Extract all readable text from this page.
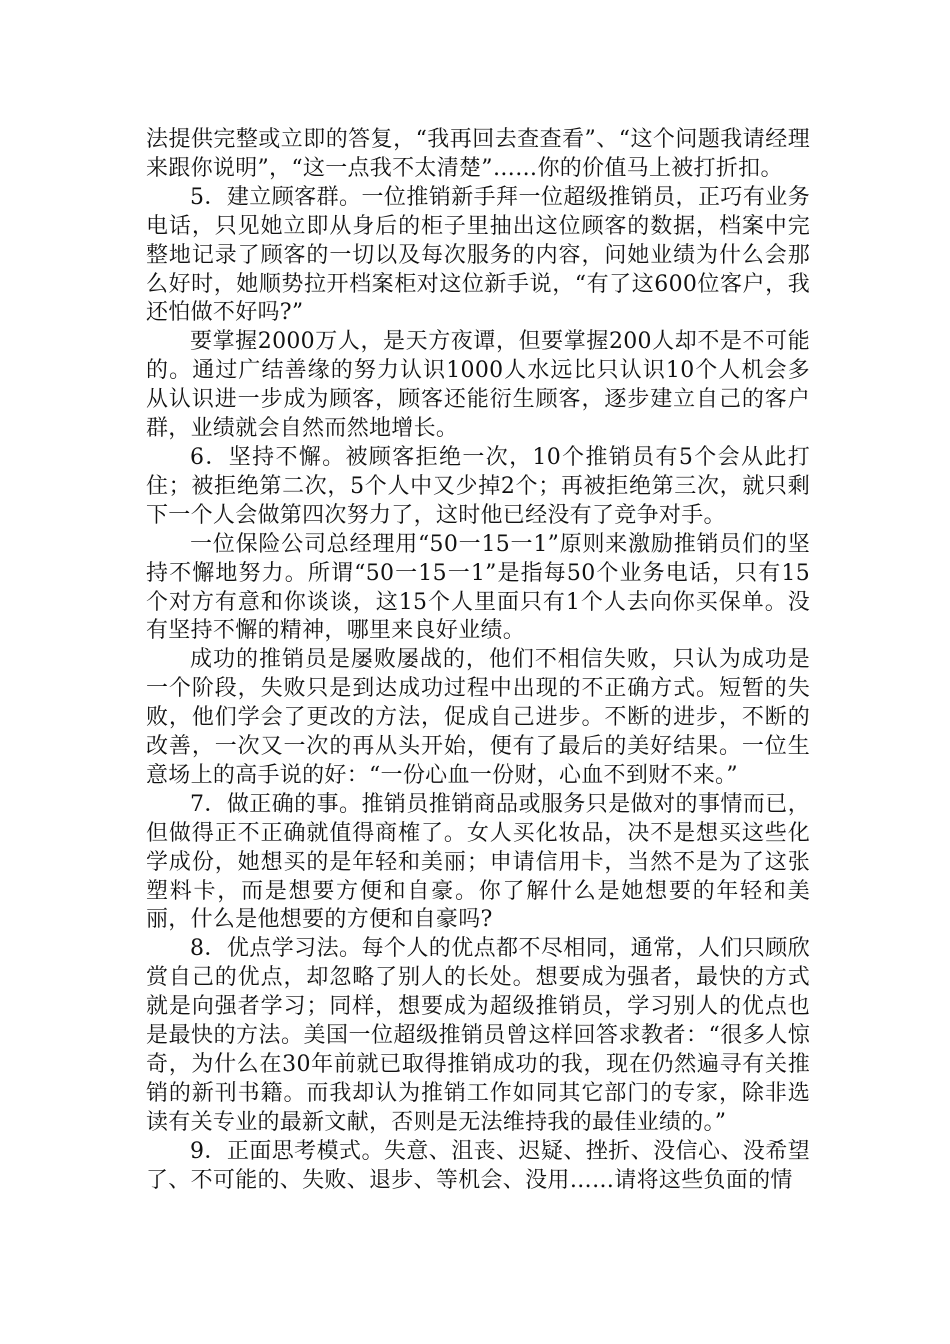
法提供完整或立即的答复，“我再回去查查看”、“这个问题我请经理来跟你说明”，“这一点我不太清楚”……你的价值马上被打折扣。

5．建立顾客群。一位推销新手拜一位超级推销员，正巧有业务电话，只见她立即从身后的柜子里抽出这位顾客的数据，档案中完整地记录了顾客的一切以及每次服务的内容，问她业绩为什么会那么好时，她顺势拉开档案柜对这位新手说，“有了这600位客户，我还怕做不好吗?”

要掌握2000万人，是天方夜谭，但要掌握200人却不是不可能的。通过广结善缘的努力认识1000人水远比只认识10个人机会多从认识进一步成为顾客，顾客还能衍生顾客，逐步建立自己的客户群，业绩就会自然而然地增长。

6．坚持不懈。被顾客拒绝一次，10个推销员有5个会从此打住；被拒绝第二次，5个人中又少掉2个；再被拒绝第三次，就只剩下一个人会做第四次努力了，这时他已经没有了竞争对手。

一位保险公司总经理用“50一15一1”原则来激励推销员们的坚持不懈地努力。所谓“50一15一1”是指每50个业务电话，只有15个对方有意和你谈谈，这15个人里面只有1个人去向你买保单。没有坚持不懈的精神，哪里来良好业绩。

成功的推销员是屡败屡战的，他们不相信失败，只认为成功是一个阶段，失败只是到达成功过程中出现的不正确方式。短暂的失败，他们学会了更改的方法，促成自己进步。不断的进步，不断的改善，一次又一次的再从头开始，便有了最后的美好结果。一位生意场上的高手说的好：“一份心血一份财，心血不到财不来。”

7．做正确的事。推销员推销商品或服务只是做对的事情而已，但做得正不正确就值得商榷了。女人买化妆品，决不是想买这些化学成份，她想买的是年轻和美丽；申请信用卡，当然不是为了这张塑料卡，而是想要方便和自豪。你了解什么是她想要的年轻和美丽，什么是他想要的方便和自豪吗?

8．优点学习法。每个人的优点都不尽相同，通常，人们只顾欣赏自己的优点，却忽略了别人的长处。想要成为强者，最快的方式就是向强者学习；同样，想要成为超级推销员，学习别人的优点也是最快的方法。美国一位超级推销员曾这样回答求教者：“很多人惊奇，为什么在30年前就已取得推销成功的我，现在仍然遍寻有关推销的新刊书籍。而我却认为推销工作如同其它部门的专家，除非选读有关专业的最新文献，否则是无法维持我的最佳业绩的。”

9．正面思考模式。失意、沮丧、迟疑、挫折、没信心、没希望了、不可能的、失败、退步、等机会、没用……请将这些负面的情
